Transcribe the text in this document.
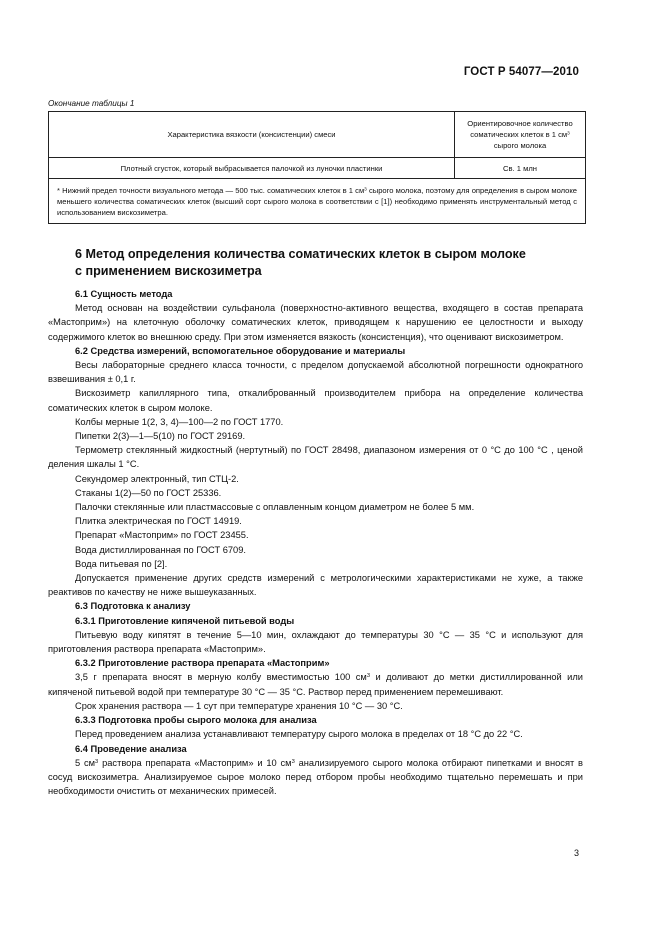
ГОСТ Р 54077—2010
Окончание таблицы 1
Характеристика вязкости (консистенции) смеси	Ориентировочное количество
соматических клеток в 1 $см^3$
сырого молока
Плотный сгусток, который выбрасывается палочкой из луночки пластинки	Св. 1 млн
* Нижний предел точности визуального метода — 500 тыс. соматических клеток в 1 $см^3$ сырого молока, поэтому для определения в сыром молоке меньшего количества соматических клеток (высший сорт сырого молока в соответствии с [1]) необходимо применять инструментальный метод с использованием вискозиметра.	
6 Метод определения количества соматических клеток в сыром молоке
с применением вискозиметра

6.1 Сущность метода

Метод основан на воздействии сульфанола (поверхностно-активного вещества, входящего в состав препарата «Мастоприм») на клеточную оболочку соматических клеток, приводящем к нарушению ее целостности и выходу содержимого клеток во внешнюю среду. При этом изменяется вязкость (консистенция), что оценивают вискозиметром.

6.2 Средства измерений, вспомогательное оборудование и материалы

Весы лабораторные среднего класса точности, с пределом допускаемой абсолютной погрешности однократного взвешивания ± 0,1 г.

Вискозиметр капиллярного типа, откалиброванный производителем прибора на определение количества соматических клеток в сыром молоке.

Колбы мерные 1(2, 3, 4)—100—2 по ГОСТ 1770.

Пипетки 2(3)—1—5(10) по ГОСТ 29169.

Термометр стеклянный жидкостный (нертутный) по ГОСТ 28498, диапазоном измерения от 0 °С до 100 °С , ценой деления шкалы 1 °С.

Секундомер электронный, тип СТЦ-2.

Стаканы 1(2)—50 по ГОСТ 25336.

Палочки стеклянные или пластмассовые с оплавленным концом диаметром не более 5 мм.

Плитка электрическая по ГОСТ 14919.

Препарат «Мастоприм» по ГОСТ 23455.

Вода дистиллированная по ГОСТ 6709.

Вода питьевая по [2].

Допускается применение других средств измерений с метрологическими характеристиками не хуже, а также реактивов по качеству не ниже вышеуказанных.

6.3 Подготовка к анализу

6.3.1 Приготовление кипяченой питьевой воды

Питьевую воду кипятят в течение 5—10 мин, охлаждают до температуры 30 °С — 35 °С и используют для приготовления раствора препарата «Мастоприм».

6.3.2 Приготовление раствора препарата «Мастоприм»

3,5 г препарата вносят в мерную колбу вместимостью 100 $см^3$ и доливают до метки дистиллированной или кипяченой питьевой водой при температуре 30 °С — 35 °С. Раствор перед применением перемешивают.

Срок хранения раствора — 1 сут при температуре хранения 10 °С — 30 °С.

6.3.3 Подготовка пробы сырого молока для анализа

Перед проведением анализа устанавливают температуру сырого молока в пределах от 18 °С до 22 °С.

6.4 Проведение анализа

5 $см^3$ раствора препарата «Мастоприм» и 10 $см^3$ анализируемого сырого молока отбирают пипетками и вносят в сосуд вискозиметра. Анализируемое сырое молоко перед отбором пробы необходимо тщательно перемешать и при необходимости очистить от механических примесей.

3
